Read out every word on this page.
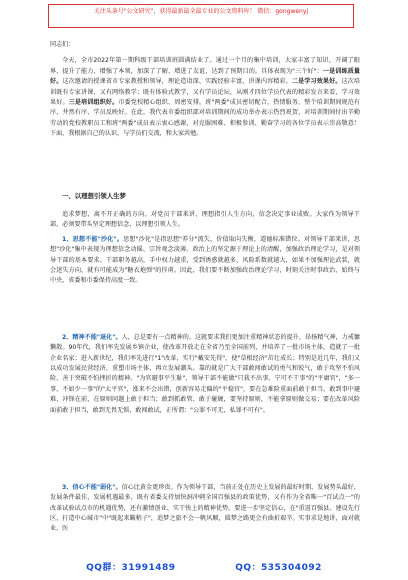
关注头条号"公文研究"，获得最新最全最专业的公文资料库！ 微信：gongwenyj

同志们：

今天，全市2022年第一期科级干部培训班圆满结业了。通过一个月的集中培训，大家丰富了知识、开阔了眼界、提升了能力、增强了本领，加深了了解、增进了友谊，达到了预期目的。具体表现为"三个好"：一是训练质量好。这次邀请的授课省市专家教授和领导，理论造诣深、实践经验丰富，讲课内容精彩。二是学习效果好。这次培训既有专家讲课，又有网络教学；既有体验式教学，又有学员论坛，从刚才四位学员代表的精彩发言来看，学习效果好。三是培训组织好。市委党校精心组织、周密安排，班"两委"成员密切配合，热情服务，整个培训期间规范有序，井然有序，学员反映好。在此，我代表市委组织部对培训期间的成功举办表示热烈祝贺，对培训期间付出辛勤劳动的党校教职员工和班"两委"成员表示衷心感谢，对克服困难、积极参训、勤奋学习的各位学员表示崇高敬意！下面，我根据自己的认识，与学员们交流，和大家共勉。

一、以理想引领人生梦

追求梦想，离不开正确的方向。对党员干部来讲，理想指引人生方向，信念决定事业成败。大家作为领导干部，必须要带头坚定理想信念，以理想引领人生。

1、思想不能"沙化"。思想"沙化"是指思想"养分"流失，价值取向失衡，道德标准错位。对领导干部来讲，思想"沙化"集中表现为理想信念动摇、宗旨观念淡薄。政治上的坚定源于理论上的清醒，加强政治理论学习，是对领导干部的基本要求。干部职务越高，手中权力越重，受到诱惑就越多，风险系数就越大，如果不加强理论武装，就会迷失方向，就有可能成为"糖衣炮弹"的俘虏。因此，我们要不断加强政治理论学习，时刻关注时事政治、始终与中央、省委和市委保持高度一致。

2、精神不能"退化"。人，总是要有一点精神的。这就要求我们更加注重精神状态的提升，昂扬精气神，力戒慵懒散。90年代，我们率先发展乡镇企业，使改革开放走在全省乃至全国前列，并培养了一批市场主体，造就了一批企业名家；进入新世纪，我们率先进行"1"改革，实行"戴安先得"，使"草根经济"茁壮成长；特别是近几年，我们又以成功发展民营经济，重塑市场主体，再立发展潮头。靠的就是广大干部敢闯敢试的勇气和锐气，敢于攻坚不怕风险，善于突破不怕挫折的精神。"为官避事平生耻"，领导干部不能做"只栽不出事、宁可不干事"的"平庸官"，"多一事、不如少一事"的"太平官"，涨来不会出错，创新容易走偏的"平稳官"，要在急难险重面前敢于担当，敢到事中避难，冲锋在前，在原则问题上敢于担当；敢到抓敢管、敢于碰硬，要坚持原则，不能拿原则做交易；要在改革风险面前敢于担当，敢到无畏无惧，敢闯敢试，正所谓："公罪不可无，私罪不可有"。

3、信心不能"弱化"。信心比黄金更珍贵。作为领导干部，当前正处在历史上发展的最好时期，发展势头最好，发展条件最佳，发展机遇最多，既有省委支持加快洞冲刺全国百强县的政策优势，又有作为全省唯一"百试点一"的改革试验试点市的机遇优势，还有激情创业、实干快上的精神优势。要进一步坚定信心，在"重返百强县、建设先行区、打造中心城市"中"既起来瞒稍子"，追梦之旅不会一帆风顺，圆梦之路更会有曲折艰辛。实事求是地讲，面对就业、医

QQ群：31991489	QQ：535304092
